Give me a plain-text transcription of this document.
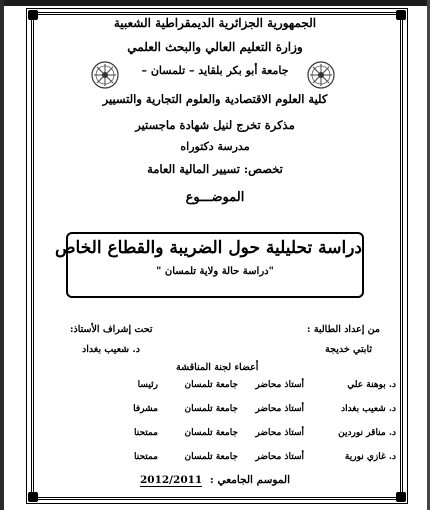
الجمهورية الجزائرية الديمقراطية الشعبية
وزارة التعليم العالي والبحث العلمي
جامعة أبو بكر بلقايد – تلمسان –
كلية العلوم الاقتصادية والعلوم التجارية والتسيير
مذكرة تخرج لنيل شهادة ماجستير
مدرسة دكتوراه
تخصص: تسيير المالية العامة
الموضـــوع
دراسة تحليلية حول الضريبة والقطاع الخاص
"دراسة حالة ولاية تلمسان "
من إعداد الطالبة :
ثابتي خديجة
تحت إشراف الأستاذ:
د. شعيب بغداد
أعضاء لجنة المناقشة
د. بوهنة علي
أستاذ محاضر
جامعة تلمسان
رئيسا
د. شعيب بغداد
أستاذ محاضر
جامعة تلمسان
مشرفا
د. مناقر نوردين
أستاذ محاضر
جامعة تلمسان
ممتحنا
د. غازي نورية
أستاذ محاضر
جامعة تلمسان
ممتحنا
الموسم الجامعي : 2012/2011
